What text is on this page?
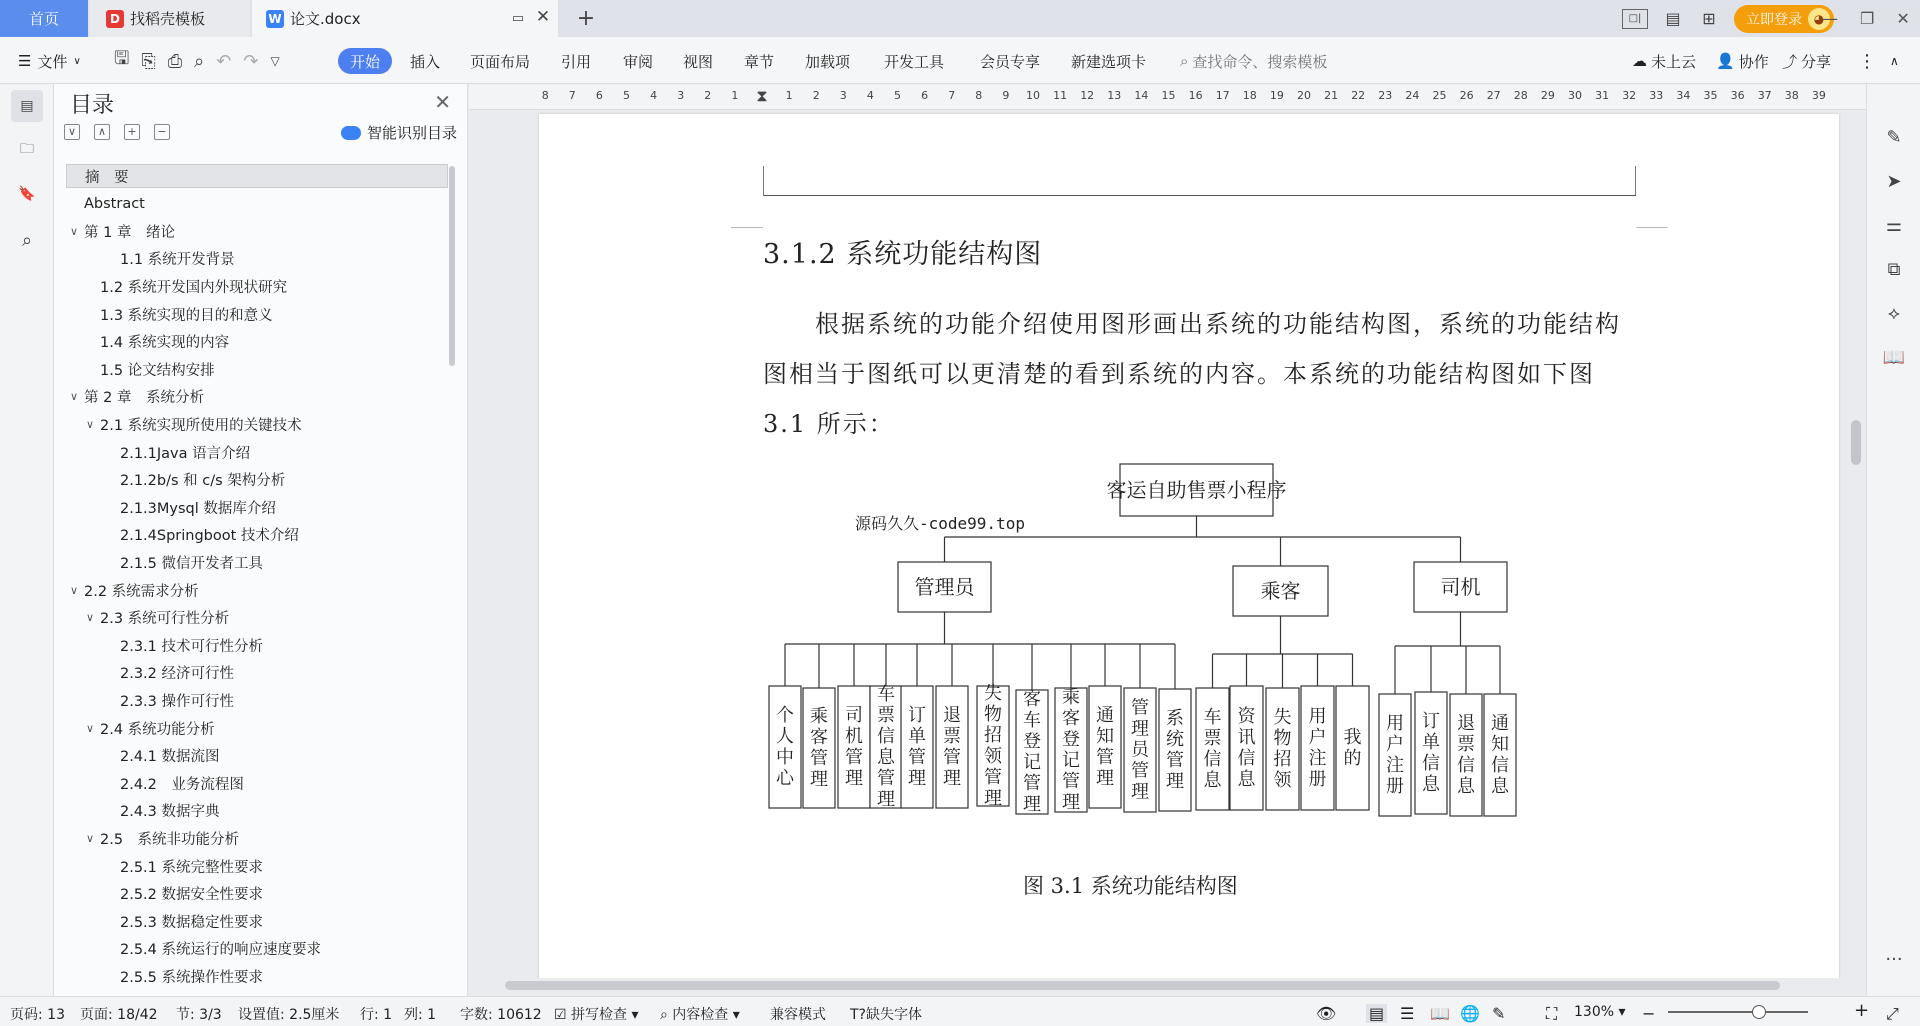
首页	D 找稻壳模板	W 论文.docx	▭ ✕ +	□|	▤ ⊞	立即登录 ◕
— ❐ ✕
☰ 文件 ∨ 🖫 ⎘ ⎙ ⌕ ↶ ↷ ▽	开始	插入 页面布局 引用 审阅 视图 章节 加载项 开发工具 会员专享 新建选项卡 ⌕ 查找命令、搜索模板	☁ 未上云 👤 协作 ⤴ 分享 ⋮ ∧
▤
🗀
🔖
⌕
目录	✕
∨	∧	+	−	智能识别目录
摘　要
Abstract
∨ 第 1 章　绪论
1.1 系统开发背景
1.2 系统开发国内外现状研究
1.3 系统实现的目的和意义
1.4 系统实现的内容
1.5 论文结构安排
∨ 第 2 章　系统分析
∨ 2.1 系统实现所使用的关键技术
2.1.1Java 语言介绍
2.1.2b/s 和 c/s 架构分析
2.1.3Mysql 数据库介绍
2.1.4Springboot 技术介绍
2.1.5 微信开发者工具
∨ 2.2 系统需求分析
∨ 2.3 系统可行性分析
2.3.1 技术可行性分析
2.3.2 经济可行性
2.3.3 操作可行性
∨ 2.4 系统功能分析
2.4.1 数据流图
2.4.2　业务流程图
2.4.3 数据字典
∨ 2.5　系统非功能分析
2.5.1 系统完整性要求
2.5.2 数据安全性要求
2.5.3 数据稳定性要求
2.5.4 系统运行的响应速度要求
2.5.5 系统操作性要求
8 7 6 5 4 3 2 1	1 2 3 4 5 6 7 8 9 10 11 12 13 14 15 16 17 18 19 20 21 22 23 24 25 26 27 28 29 30 31 32 33 34 35 36 37 38 39
⧗
3.1.2 系统功能结构图
　　根据系统的功能介绍使用图形画出系统的功能结构图，系统的功能结构
图相当于图纸可以更清楚的看到系统的内容。本系统的功能结构图如下图
3.1 所示：
客运自助售票小程序
管理员
个人中心
乘客管理
司机管理
车票信息管理
订单管理
退票管理
失物招领管理
客车登记管理
乘客登记管理
通知管理
管理员管理
系统管理
乘客
车票信息
资讯信息
失物招领
用户注册
我的
司机
用户注册
订单信息
退票信息
通知信息
源码久久-code99.top
图 3.1 系统功能结构图
✎
➤
⚌
⧉
⟡
📖
···
页码: 13 页面: 18/42 节: 3/3 设置值: 2.5厘米 行: 1 列: 1 字数: 10612 ☑ 拼写检查 ▾ ⌕ 内容检查 ▾ 兼容模式 T?缺失字体	👁 ▤ ☰ 📖 🌐 ✎	⛶ 130% ▾ −	+ ⤢
